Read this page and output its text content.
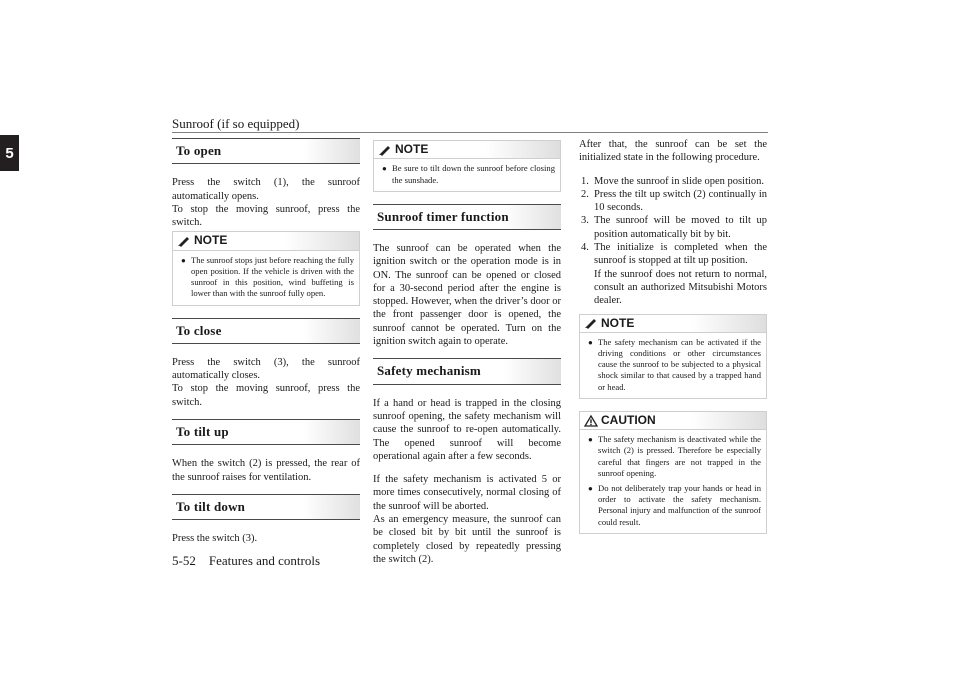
Sunroof (if so equipped)
5	To open

Press the switch (1), the sunroof automatically opens.

To stop the moving sunroof, press the switch.

NOTE
● The sunroof stops just before reaching the fully open position. If the vehicle is driven with the sunroof in this position, wind buffeting is lower than with the sunroof fully open.
To close

Press the switch (3), the sunroof automatically closes.

To stop the moving sunroof, press the switch.

To tilt up

When the switch (2) is pressed, the rear of the sunroof raises for ventilation.

To tilt down

Press the switch (3).

NOTE
● Be sure to tilt down the sunroof before closing the sunshade.
Sunroof timer function

The sunroof can be operated when the ignition switch or the operation mode is in ON. The sunroof can be opened or closed for a 30-second period after the engine is stopped. However, when the driver’s door or the front passenger door is opened, the sunroof cannot be operated. Turn on the ignition switch again to operate.

Safety mechanism

If a hand or head is trapped in the closing sunroof opening, the safety mechanism will cause the sunroof to re-open automatically. The opened sunroof will become operational again after a few seconds.

If the safety mechanism is activated 5 or more times consecutively, normal closing of the sunroof will be aborted.

As an emergency measure, the sunroof can be closed bit by bit until the sunroof is completely closed by repeatedly pressing the switch (2).

After that, the sunroof can be set the initialized state in the following procedure.

1. Move the sunroof in slide open position.
2. Press the tilt up switch (2) continually in 10 seconds.
3. The sunroof will be moved to tilt up position automatically bit by bit.
4. The initialize is completed when the sunroof is stopped at tilt up position.
If the sunroof does not return to normal, consult an authorized Mitsubishi Motors dealer.
NOTE
● The safety mechanism can be activated if the driving conditions or other circumstances cause the sunroof to be subjected to a physical shock similar to that caused by a trapped hand or head.
CAUTION
● The safety mechanism is deactivated while the switch (2) is pressed. Therefore be especially careful that fingers are not trapped in the sunroof opening.
● Do not deliberately trap your hands or head in order to activate the safety mechanism. Personal injury and malfunction of the sunroof could result.
5-52 Features and controls
